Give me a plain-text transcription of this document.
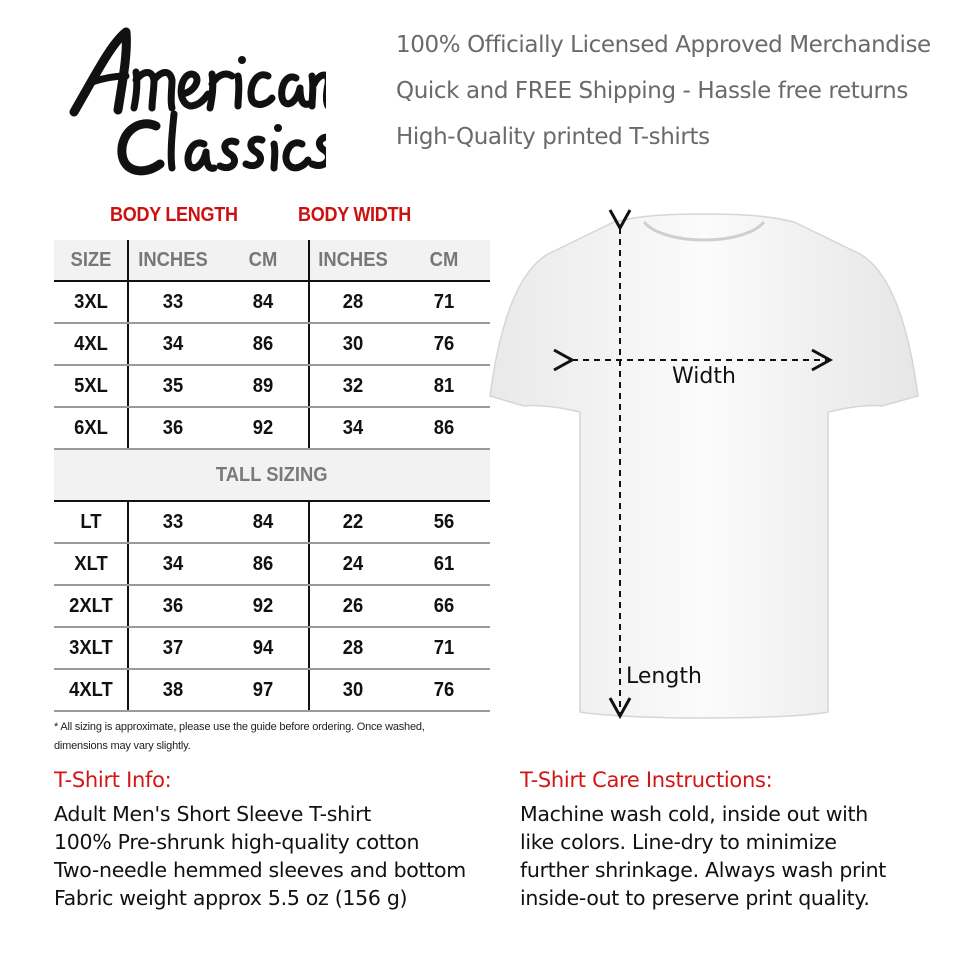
100% Officially Licensed Approved Merchandise
Quick and FREE Shipping - Hassle free returns
High-Quality printed T-shirts
BODY LENGTH	BODY WIDTH
SIZE	INCHES	CM	INCHES	CM
3XL	33	84	28	71
4XL	34	86	30	76
5XL	35	89	32	81
6XL	36	92	34	86
TALL SIZING
LT	33	84	22	56
XLT	34	86	24	61
2XLT	36	92	26	66
3XLT	37	94	28	71
4XLT	38	97	30	76
* All sizing is approximate, please use the guide before ordering. Once washed,
dimensions may vary slightly.
Width
Length
T-Shirt Info:
Adult Men's Short Sleeve T-shirt
100% Pre-shrunk high-quality cotton
Two-needle hemmed sleeves and bottom
Fabric weight approx 5.5 oz (156 g)
T-Shirt Care Instructions:
Machine wash cold, inside out with
like colors. Line-dry to minimize
further shrinkage. Always wash print
inside-out to preserve print quality.
